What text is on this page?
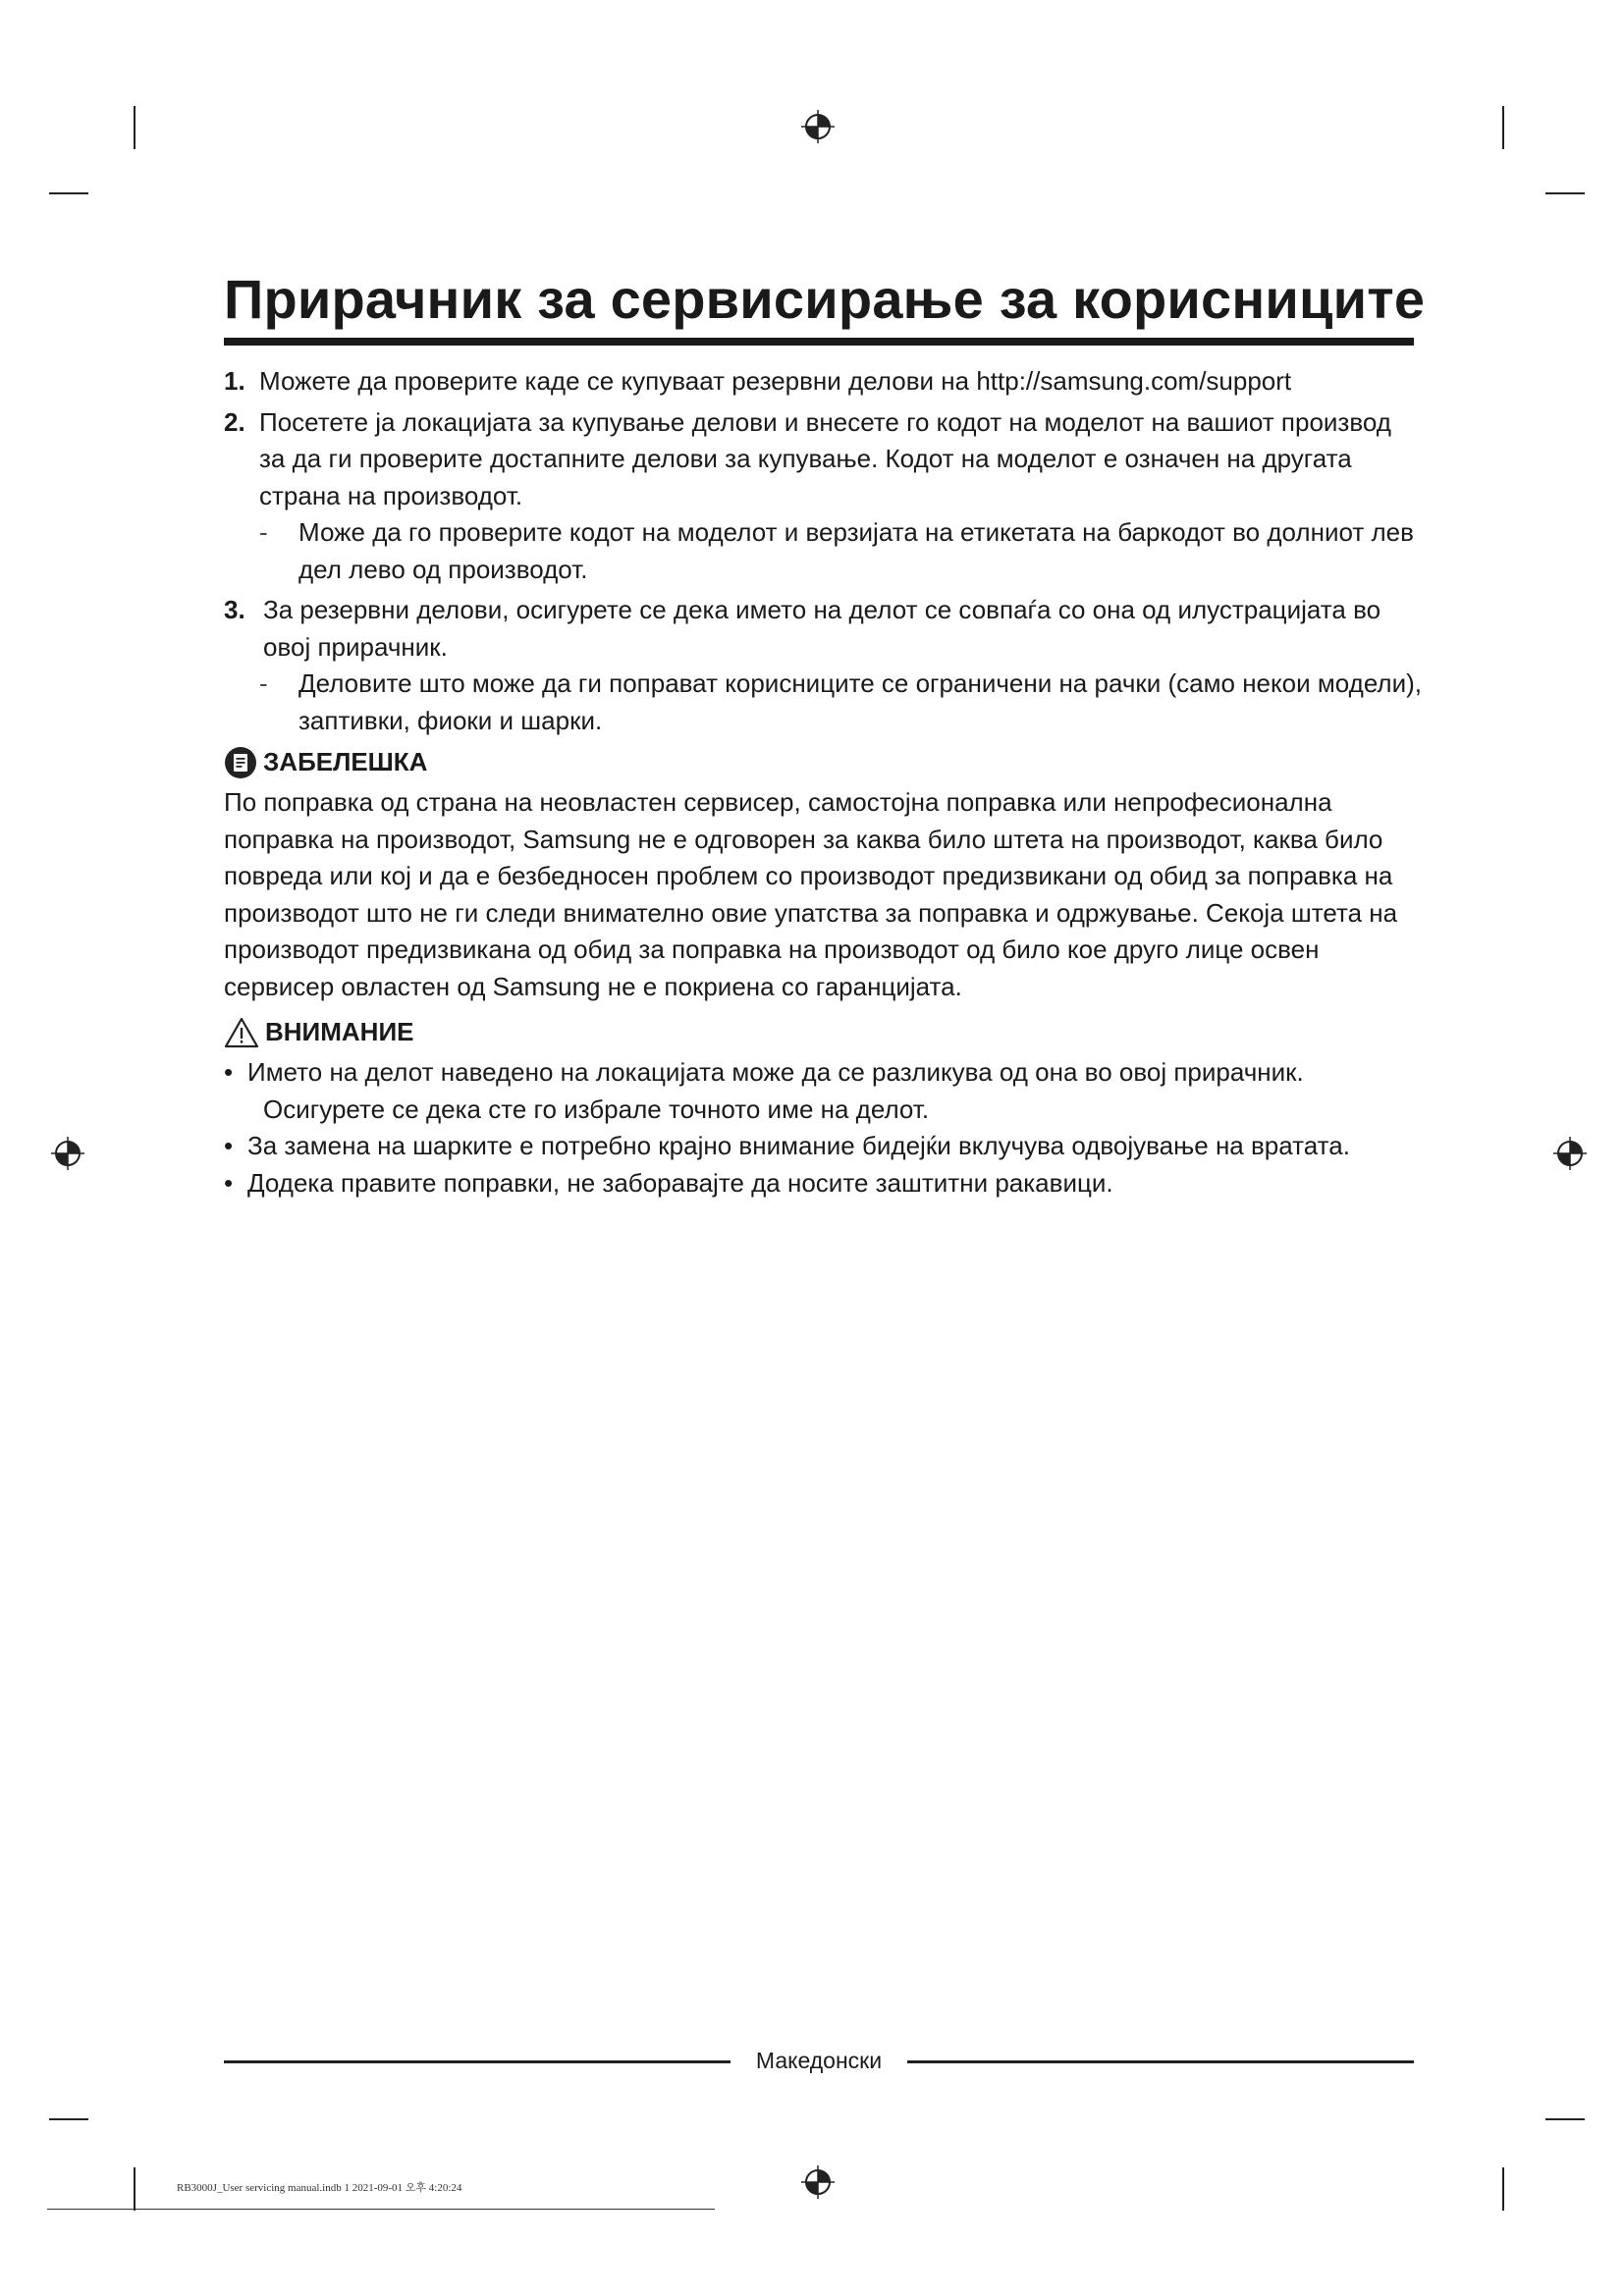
Прирачник за сервисирање за корисниците
1. Можете да проверите каде се купуваат резервни делови на http://samsung.com/support
2. Посетете ја локацијата за купување делови и внесете го кодот на моделот на вашиот производ за да ги проверите достапните делови за купување. Кодот на моделот е означен на другата страна на производот.
- Може да го проверите кодот на моделот и верзијата на етикетата на баркодот во долниот лев дел лево од производот.
3. За резервни делови, осигурете се дека името на делот се совпаѓа со она од илустрацијата во овој прирачник.
- Деловите што може да ги поправат корисниците се ограничени на рачки (само некои модели), заптивки, фиоки и шарки.
ЗАБЕЛЕШКА

По поправка од страна на неовластен сервисер, самостојна поправка или непрофесионална поправка на производот, Samsung не е одговорен за каква било штета на производот, каква било повреда или кој и да е безбедносен проблем со производот предизвикани од обид за поправка на производот што не ги следи внимателно овие упатства за поправка и одржување. Секоја штета на производот предизвикана од обид за поправка на производот од било кое друго лице освен сервисер овластен од Samsung не е покриена со гаранцијата.

ВНИМАНИЕ
• Името на делот наведено на локацијата може да се разликува од она во овој прирачник.
Осигурете се дека сте го избрале точното име на делот.
• За замена на шарките е потребно крајно внимание бидејќи вклучува одвојување на вратата.
• Додека правите поправки, не заборавајте да носите заштитни ракавици.
Македонски
RB3000J_User servicing manual.indb 1 2021-09-01 오후 4:20:24
